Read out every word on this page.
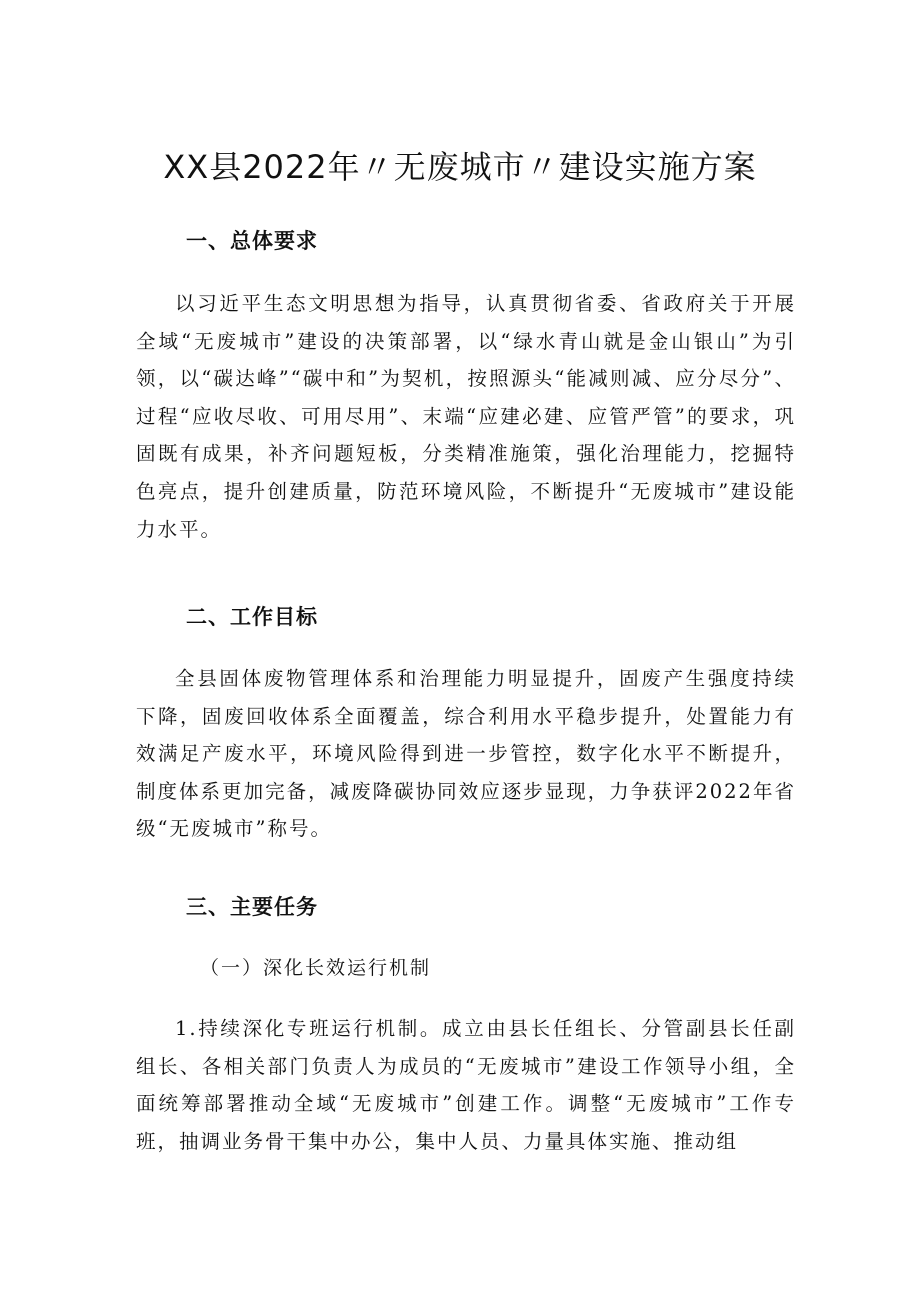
XX县2022年〃无废城市〃建设实施方案
一、总体要求

以习近平生态文明思想为指导，认真贯彻省委、省政府关于开展全域“无废城市”建设的决策部署，以“绿水青山就是金山银山”为引领，以“碳达峰”“碳中和”为契机，按照源头“能减则减、应分尽分”、过程“应收尽收、可用尽用”、末端“应建必建、应管严管”的要求，巩固既有成果，补齐问题短板，分类精准施策，强化治理能力，挖掘特色亮点，提升创建质量，防范环境风险，不断提升“无废城市”建设能力水平。

二、工作目标

全县固体废物管理体系和治理能力明显提升，固废产生强度持续下降，固废回收体系全面覆盖，综合利用水平稳步提升，处置能力有效满足产废水平，环境风险得到进一步管控，数字化水平不断提升，制度体系更加完备，减废降碳协同效应逐步显现，力争获评2022年省级“无废城市”称号。

三、主要任务
（一）深化长效运行机制

1.持续深化专班运行机制。成立由县长任组长、分管副县长任副组长、各相关部门负责人为成员的“无废城市”建设工作领导小组，全面统筹部署推动全域“无废城市”创建工作。调整“无废城市”工作专班，抽调业务骨干集中办公，集中人员、力量具体实施、推动组
